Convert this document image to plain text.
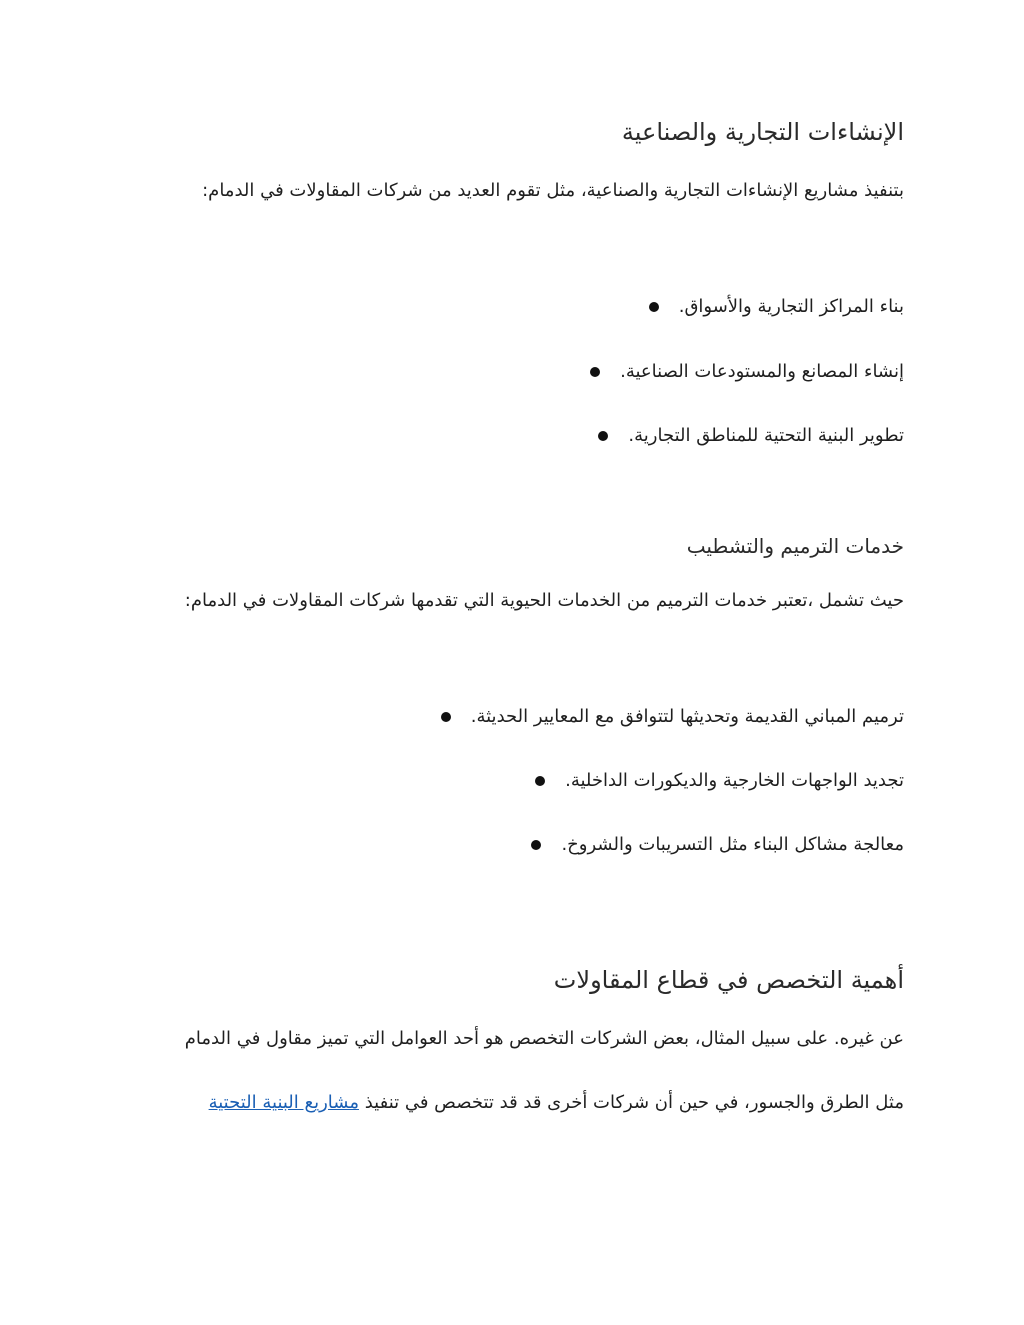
الإنشاءات التجارية والصناعية
بتنفيذ مشاريع الإنشاءات التجارية والصناعية، مثل تقوم العديد من شركات المقاولات في الدمام:
بناء المراكز التجارية والأسواق.
إنشاء المصانع والمستودعات الصناعية.
تطوير البنية التحتية للمناطق التجارية.
خدمات الترميم والتشطيب
حيث تشمل ،تعتبر خدمات الترميم من الخدمات الحيوية التي تقدمها شركات المقاولات في الدمام:
ترميم المباني القديمة وتحديثها لتتوافق مع المعايير الحديثة.
تجديد الواجهات الخارجية والديكورات الداخلية.
معالجة مشاكل البناء مثل التسريبات والشروخ.
أهمية التخصص في قطاع المقاولات
عن غيره. على سبيل المثال، بعض الشركات التخصص هو أحد العوامل التي تميز مقاول في الدمام
مثل الطرق والجسور، في حين أن شركات أخرى قد قد تتخصص في تنفيذ مشاريع البنية التحتية
